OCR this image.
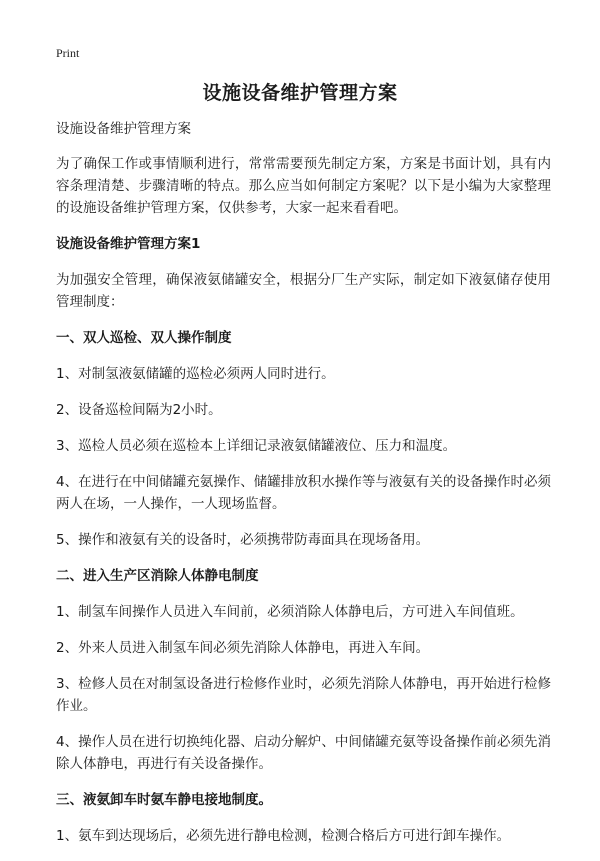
Print
设施设备维护管理方案
设施设备维护管理方案
为了确保工作或事情顺利进行，常常需要预先制定方案，方案是书面计划，具有内容条理清楚、步骤清晰的特点。那么应当如何制定方案呢？以下是小编为大家整理的设施设备维护管理方案，仅供参考，大家一起来看看吧。
设施设备维护管理方案1
为加强安全管理，确保液氨储罐安全，根据分厂生产实际，制定如下液氨储存使用管理制度：
一、双人巡检、双人操作制度
1、对制氢液氨储罐的巡检必须两人同时进行。
2、设备巡检间隔为2小时。
3、巡检人员必须在巡检本上详细记录液氨储罐液位、压力和温度。
4、在进行在中间储罐充氨操作、储罐排放积水操作等与液氨有关的设备操作时必须两人在场，一人操作，一人现场监督。
5、操作和液氨有关的设备时，必须携带防毒面具在现场备用。
二、进入生产区消除人体静电制度
1、制氢车间操作人员进入车间前，必须消除人体静电后，方可进入车间值班。
2、外来人员进入制氢车间必须先消除人体静电，再进入车间。
3、检修人员在对制氢设备进行检修作业时，必须先消除人体静电，再开始进行检修作业。
4、操作人员在进行切换纯化器、启动分解炉、中间储罐充氨等设备操作前必须先消除人体静电，再进行有关设备操作。
三、液氨卸车时氨车静电接地制度。
1、氨车到达现场后，必须先进行静电检测，检测合格后方可进行卸车操作。
